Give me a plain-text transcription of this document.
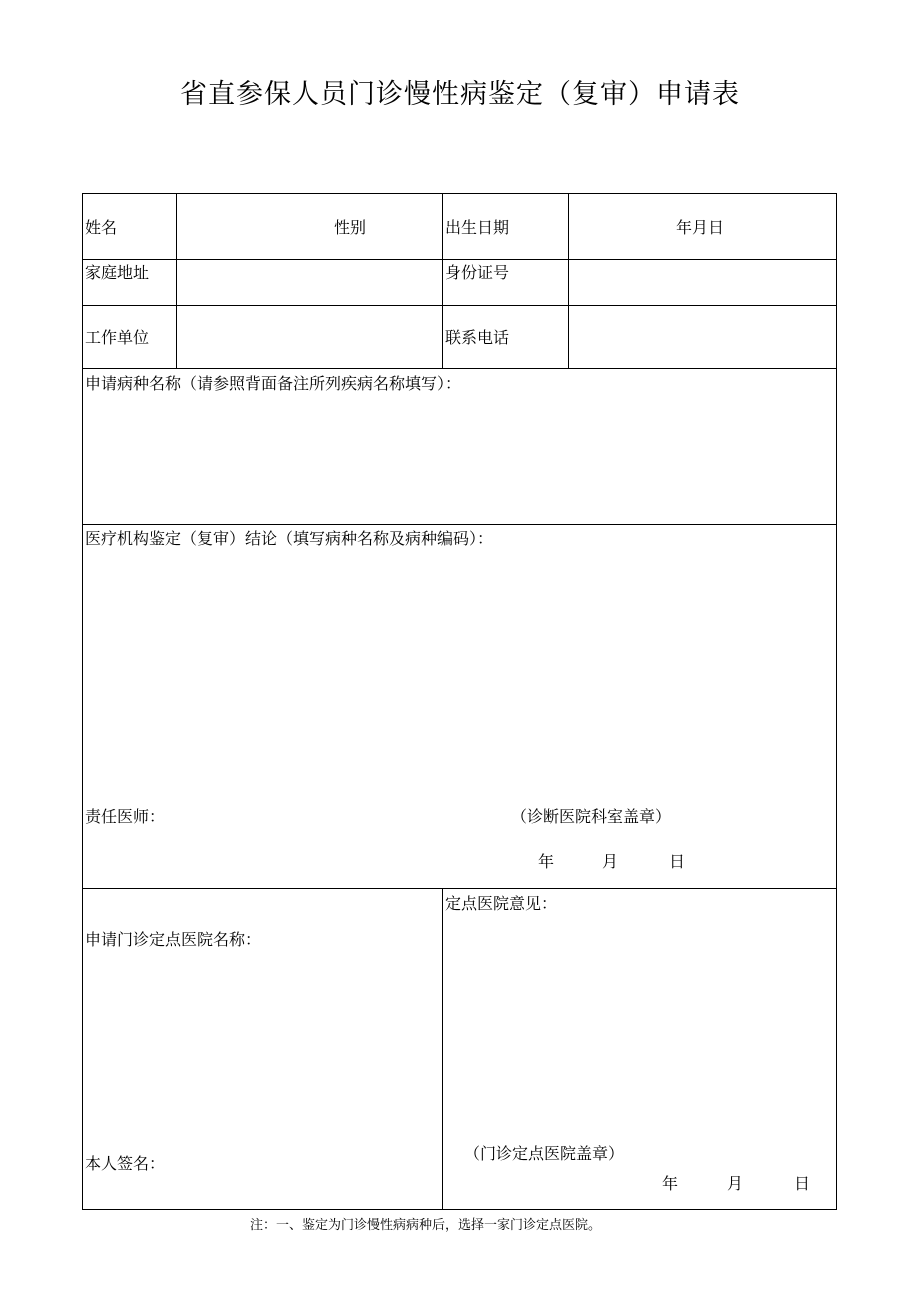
省直参保人员门诊慢性病鉴定（复审）申请表
姓名	性别	出生日期	年月日
家庭地址	身份证号
工作单位	联系电话
申请病种名称（请参照背面备注所列疾病名称填写）：
医疗机构鉴定（复审）结论（填写病种名称及病种编码）：
责任医师：	（诊断医院科室盖章）
年	月	日
申请门诊定点医院名称：
本人签名：
定点医院意见：
（门诊定点医院盖章）
年	月	日
注：一、鉴定为门诊慢性病病种后，选择一家门诊定点医院。
